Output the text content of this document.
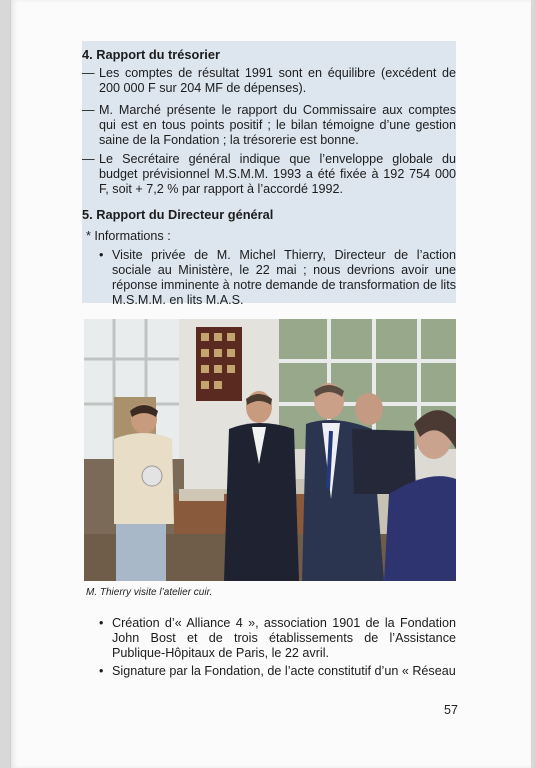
4. Rapport du trésorier
— Les comptes de résultat 1991 sont en équilibre (excédent de 200 000 F sur 204 MF de dépenses).
— M. Marché présente le rapport du Commissaire aux comptes qui est en tous points positif ; le bilan témoigne d’une gestion saine de la Fondation ; la trésorerie est bonne.
— Le Secrétaire général indique que l’enveloppe globale du budget prévisionnel M.S.M.M. 1993 a été fixée à 192 754 000 F, soit + 7,2 % par rapport à l’accordé 1992.
5. Rapport du Directeur général
* Informations :
• Visite privée de M. Michel Thierry, Directeur de l’action sociale au Ministère, le 22 mai ; nous devrions avoir une réponse imminente à notre demande de transformation de lits M.S.M.M. en lits M.A.S.
M. Thierry visite l’atelier cuir.
• Création d’« Alliance 4 », association 1901 de la Fondation John Bost et de trois établissements de l’Assistance Publique-Hôpitaux de Paris, le 22 avril.
• Signature par la Fondation, de l’acte constitutif d’un « Réseau
57
